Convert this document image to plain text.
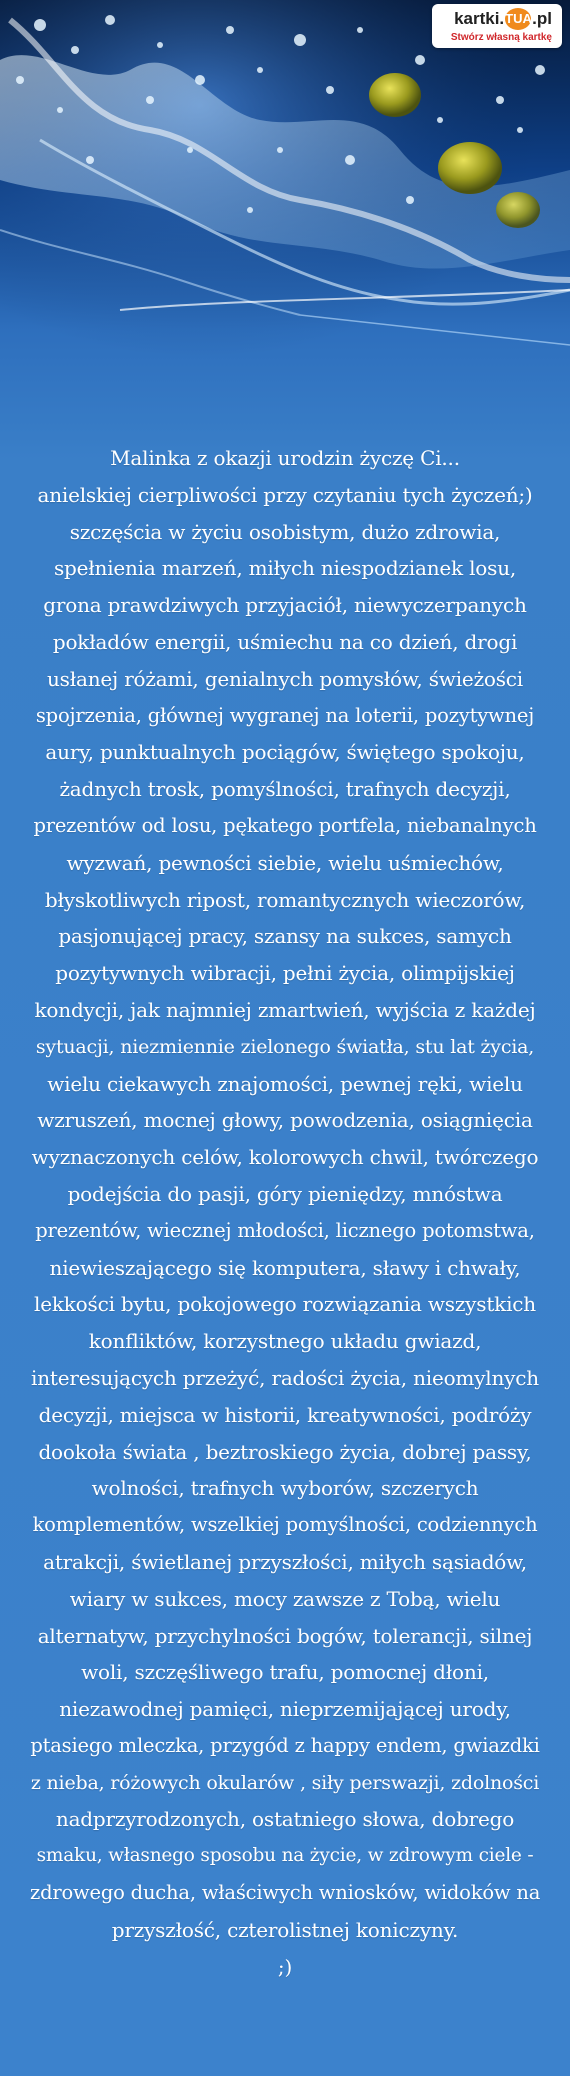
kartki. TUA .pl
Stwórz własną kartkę
Malinka z okazji urodzin życzę Ci...
anielskiej cierpliwości przy czytaniu tych życzeń;)
szczęścia w życiu osobistym, dużo zdrowia,
spełnienia marzeń, miłych niespodzianek losu,
grona prawdziwych przyjaciół, niewyczerpanych
pokładów energii, uśmiechu na co dzień, drogi
usłanej różami, genialnych pomysłów, świeżości
spojrzenia, głównej wygranej na loterii, pozytywnej
aury, punktualnych pociągów, świętego spokoju,
żadnych trosk, pomyślności, trafnych decyzji,
prezentów od losu, pękatego portfela, niebanalnych
wyzwań, pewności siebie, wielu uśmiechów,
błyskotliwych ripost, romantycznych wieczorów,
pasjonującej pracy, szansy na sukces, samych
pozytywnych wibracji, pełni życia, olimpijskiej
kondycji, jak najmniej zmartwień, wyjścia z każdej
sytuacji, niezmiennie zielonego światła, stu lat życia,
wielu ciekawych znajomości, pewnej ręki, wielu
wzruszeń, mocnej głowy, powodzenia, osiągnięcia
wyznaczonych celów, kolorowych chwil, twórczego
podejścia do pasji, góry pieniędzy, mnóstwa
prezentów, wiecznej młodości, licznego potomstwa,
niewieszającego się komputera, sławy i chwały,
lekkości bytu, pokojowego rozwiązania wszystkich
konfliktów, korzystnego układu gwiazd,
interesujących przeżyć, radości życia, nieomylnych
decyzji, miejsca w historii, kreatywności, podróży
dookoła świata , beztroskiego życia, dobrej passy,
wolności, trafnych wyborów, szczerych
komplementów, wszelkiej pomyślności, codziennych
atrakcji, świetlanej przyszłości, miłych sąsiadów,
wiary w sukces, mocy zawsze z Tobą, wielu
alternatyw, przychylności bogów, tolerancji, silnej
woli, szczęśliwego trafu, pomocnej dłoni,
niezawodnej pamięci, nieprzemijającej urody,
ptasiego mleczka, przygód z happy endem, gwiazdki
z nieba, różowych okularów , siły perswazji, zdolności
nadprzyrodzonych, ostatniego słowa, dobrego
smaku, własnego sposobu na życie, w zdrowym ciele -
zdrowego ducha, właściwych wniosków, widoków na
przyszłość, czterolistnej koniczyny.
;)
